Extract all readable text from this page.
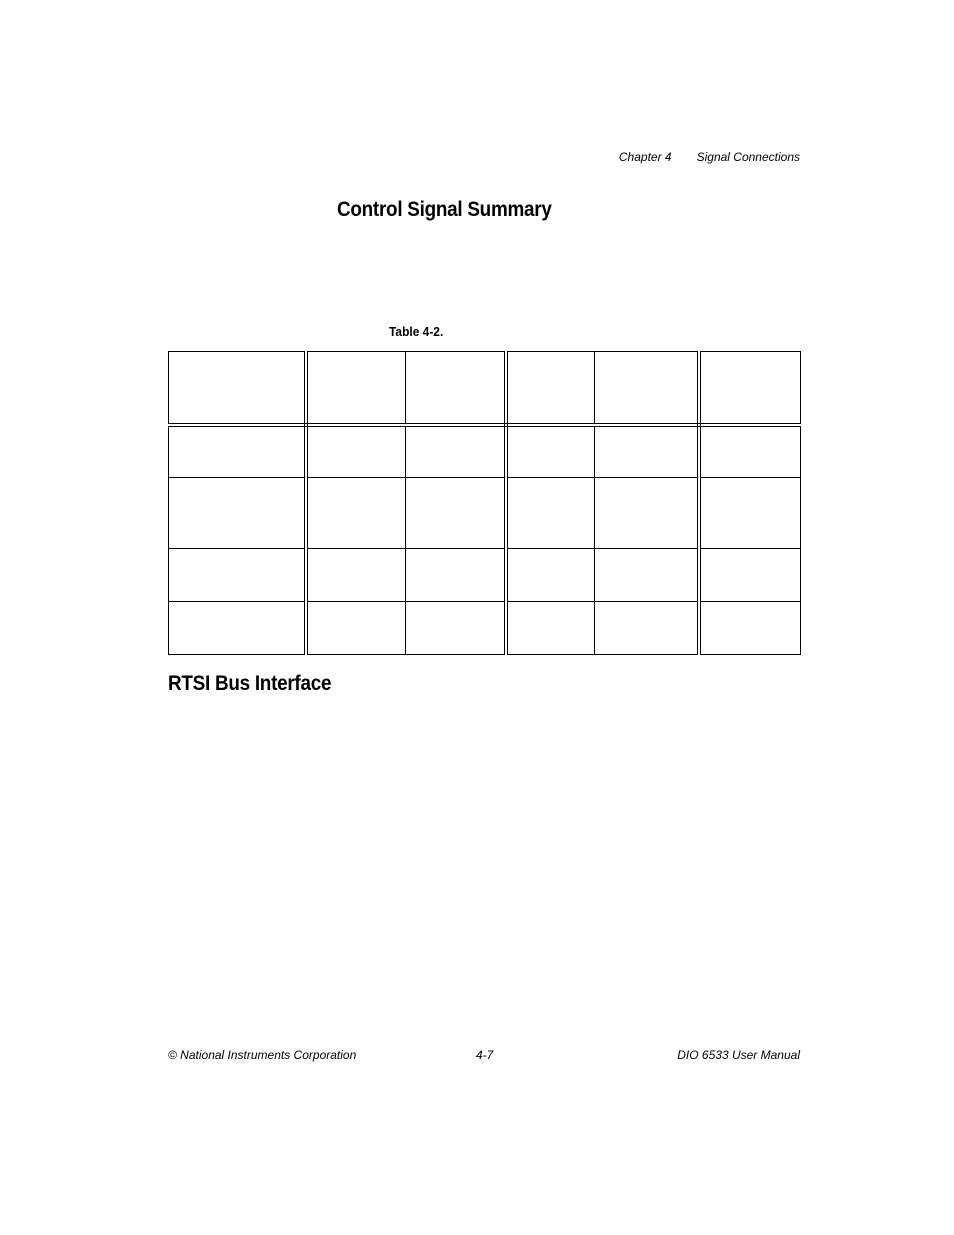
Chapter 4 Signal Connections
Control Signal Summary
Table 4-2.

RTSI Bus Interface
© National Instruments Corporation	4-7	DIO 6533 User Manual
